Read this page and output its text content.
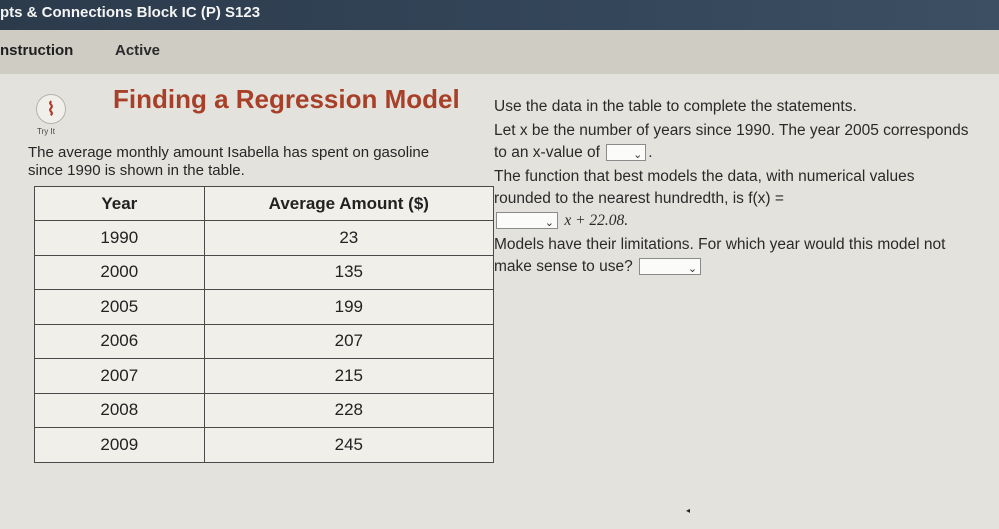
pts & Connections Block IC (P) S123
nstruction	Active
⌇
Try It
Finding a Regression Model
The average monthly amount Isabella has spent on gasoline since 1990 is shown in the table.
Year	Average Amount ($)
1990	23
2000	135
2005	199
2006	207
2007	215
2008	228
2009	245
Use the data in the table to complete the statements.
Let x be the number of years since 1990. The year 2005 corresponds to an x-value of	⌄ .
The function that best models the data, with numerical values rounded to the nearest hundredth, is f(x) =

⌄ x + 22.08.
Models have their limitations. For which year would this model not make sense to use?	⌄
◂
